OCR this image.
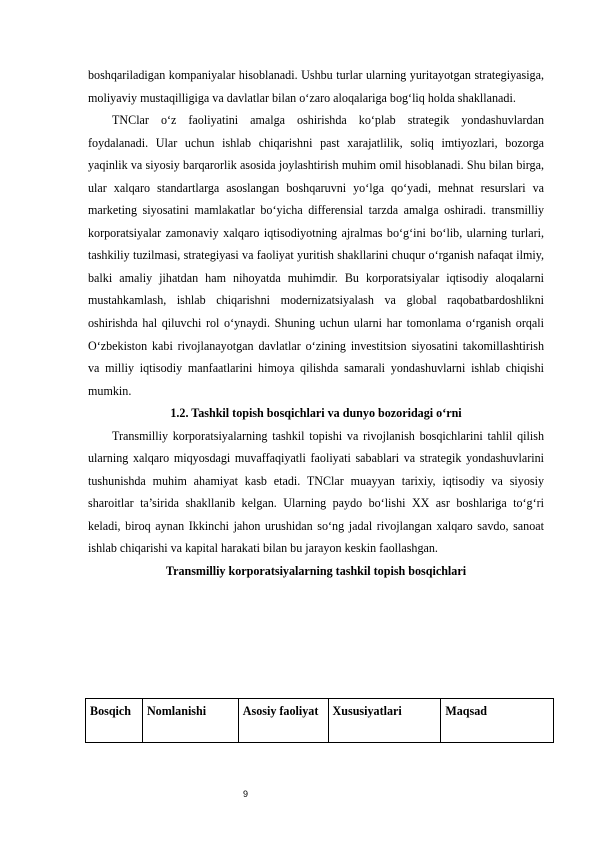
boshqariladigan kompaniyalar hisoblanadi. Ushbu turlar ularning yuritayotgan strategiyasiga, moliyaviy mustaqilligiga va davlatlar bilan o‘zaro aloqalariga bog‘liq holda shakllanadi.

TNClar o‘z faoliyatini amalga oshirishda ko‘plab strategik yondashuvlardan foydalanadi. Ular uchun ishlab chiqarishni past xarajatlilik, soliq imtiyozlari, bozorga yaqinlik va siyosiy barqarorlik asosida joylashtirish muhim omil hisoblanadi. Shu bilan birga, ular xalqaro standartlarga asoslangan boshqaruvni yo‘lga qo‘yadi, mehnat resurslari va marketing siyosatini mamlakatlar bo‘yicha differensial tarzda amalga oshiradi. transmilliy korporatsiyalar zamonaviy xalqaro iqtisodiyotning ajralmas bo‘g‘ini bo‘lib, ularning turlari, tashkiliy tuzilmasi, strategiyasi va faoliyat yuritish shakllarini chuqur o‘rganish nafaqat ilmiy, balki amaliy jihatdan ham nihoyatda muhimdir. Bu korporatsiyalar iqtisodiy aloqalarni mustahkamlash, ishlab chiqarishni modernizatsiyalash va global raqobatbardoshlikni oshirishda hal qiluvchi rol o‘ynaydi. Shuning uchun ularni har tomonlama o‘rganish orqali O‘zbekiston kabi rivojlanayotgan davlatlar o‘zining investitsion siyosatini takomillashtirish va milliy iqtisodiy manfaatlarini himoya qilishda samarali yondashuvlarni ishlab chiqishi mumkin.

1.2. Tashkil topish bosqichlari va dunyo bozoridagi o‘rni

Transmilliy korporatsiyalarning tashkil topishi va rivojlanish bosqichlarini tahlil qilish ularning xalqaro miqyosdagi muvaffaqiyatli faoliyati sabablari va strategik yondashuvlarini tushunishda muhim ahamiyat kasb etadi. TNClar muayyan tarixiy, iqtisodiy va siyosiy sharoitlar ta’sirida shakllanib kelgan. Ularning paydo bo‘lishi XX asr boshlariga to‘g‘ri keladi, biroq aynan Ikkinchi jahon urushidan so‘ng jadal rivojlangan xalqaro savdo, sanoat ishlab chiqarishi va kapital harakati bilan bu jarayon keskin faollashgan.

Transmilliy korporatsiyalarning tashkil topish bosqichlari

Bosqich	Nomlanishi	Asosiy faoliyat	Xususiyatlari	Maqsad
9
